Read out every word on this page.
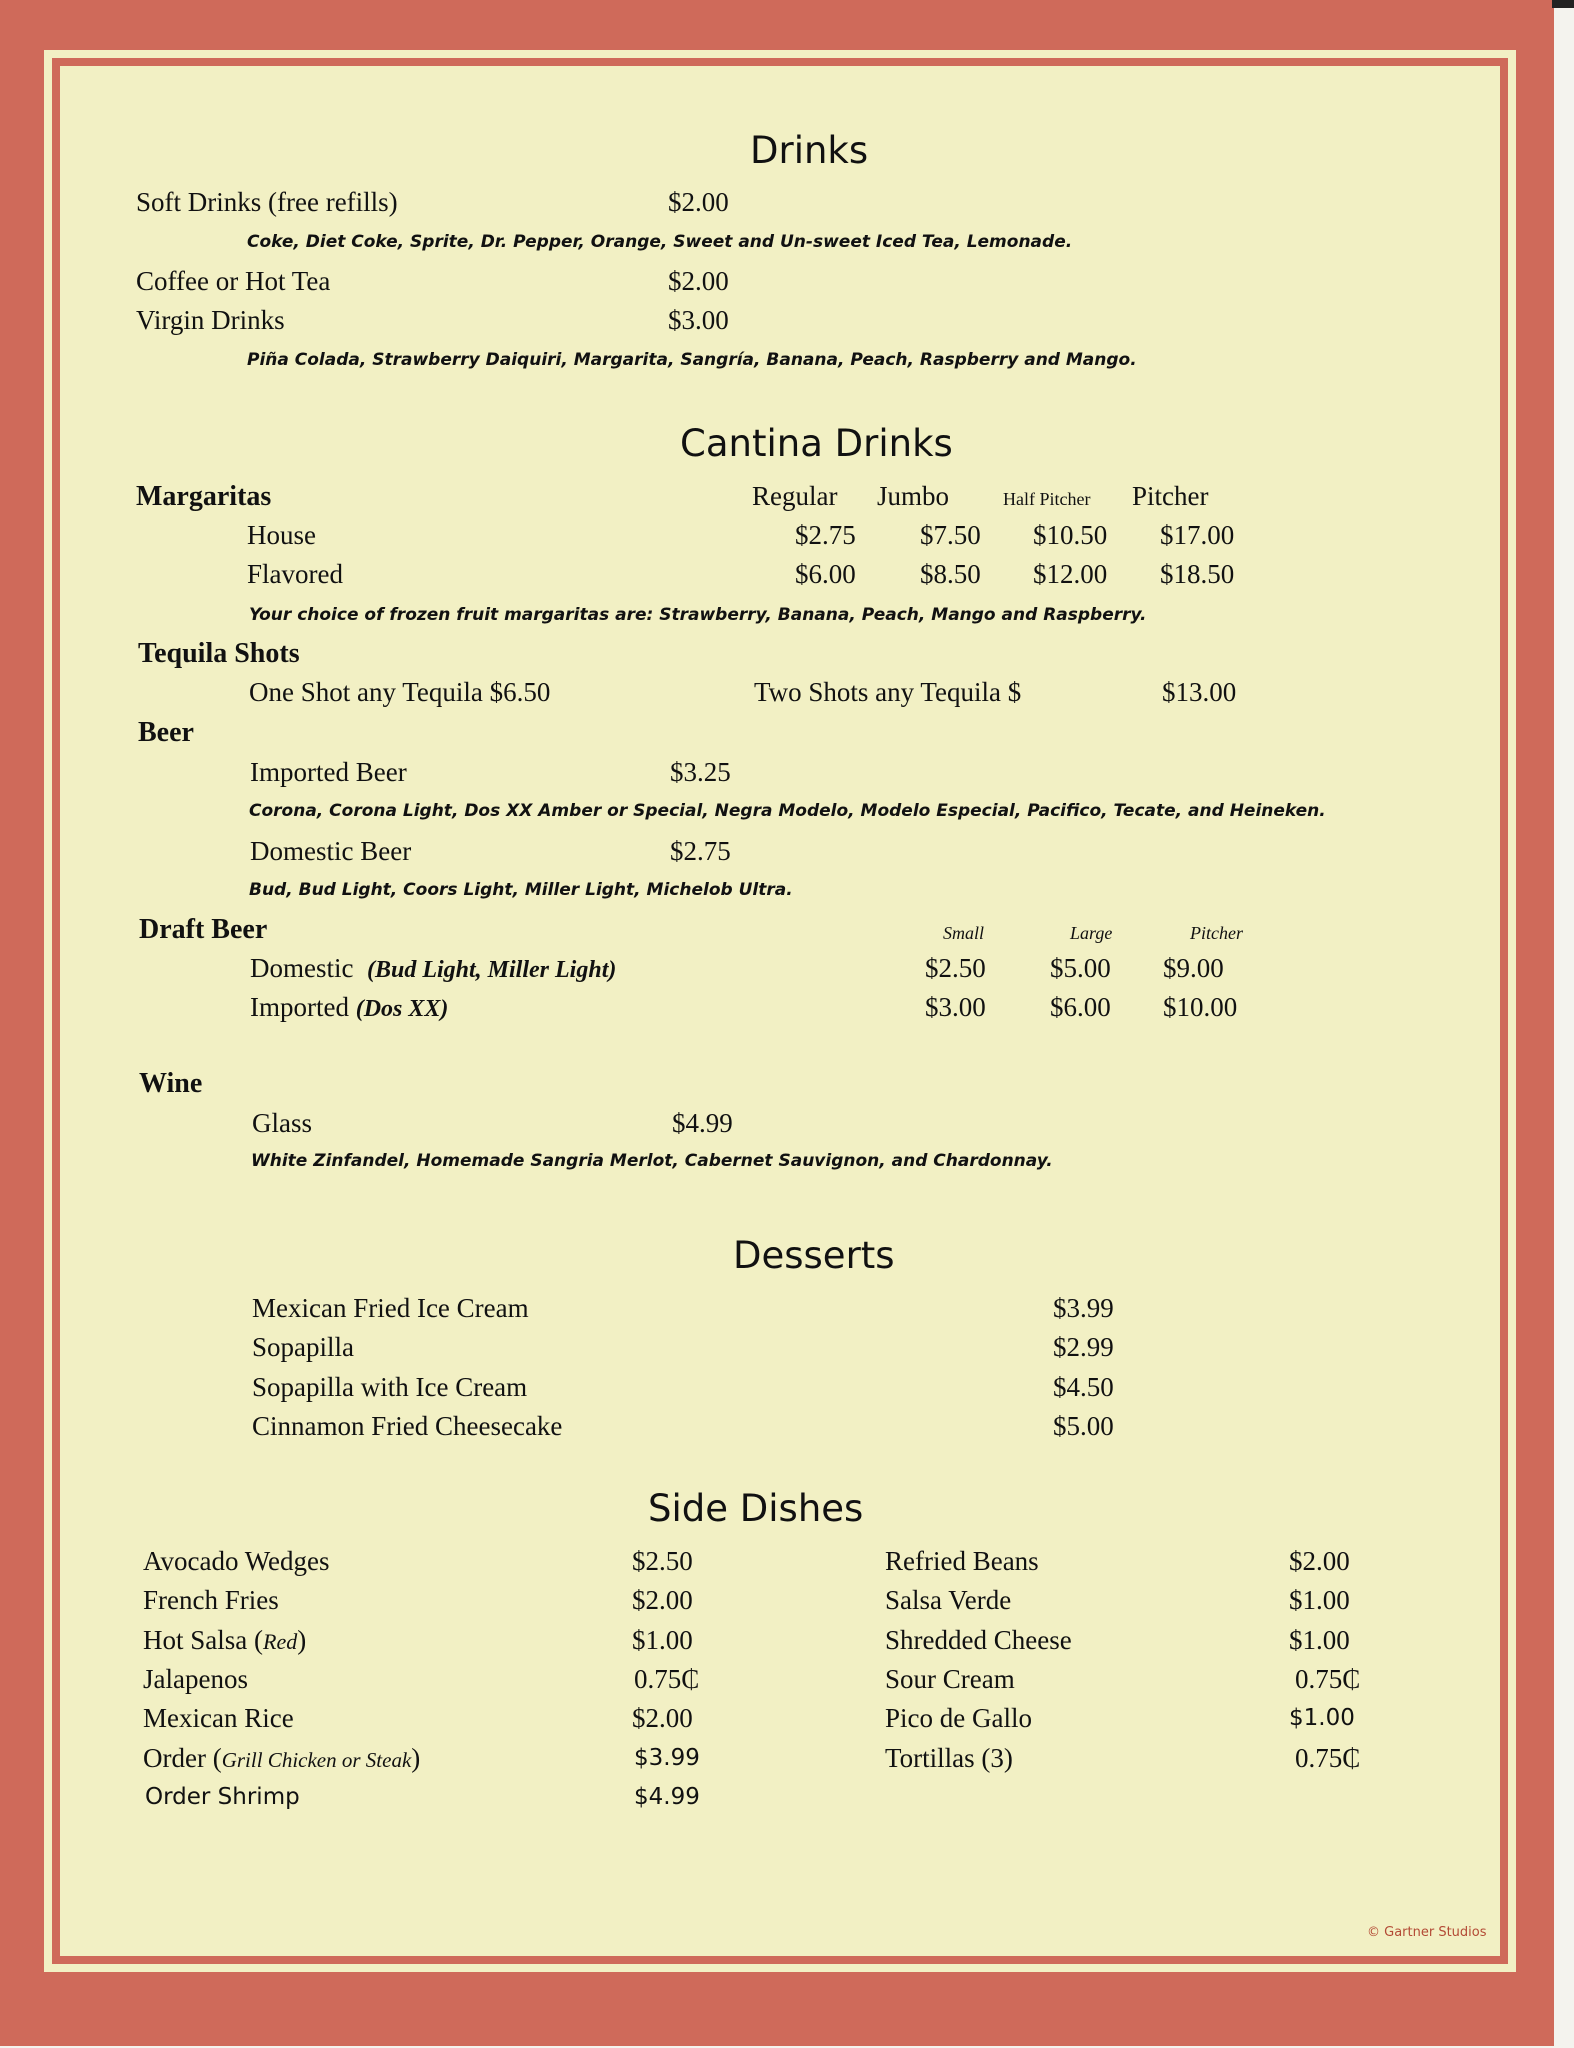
Drinks
Soft Drinks (free refills)	$2.00
Coke, Diet Coke, Sprite, Dr. Pepper, Orange, Sweet and Un-sweet Iced Tea, Lemonade.
Coffee or Hot Tea	$2.00
Virgin Drinks	$3.00
Piña Colada, Strawberry Daiquiri, Margarita, Sangría, Banana, Peach, Raspberry and Mango.
Cantina Drinks
Margaritas	Regular Jumbo	Half Pitcher Pitcher
House	$2.75 $7.50 $10.50 $17.00
Flavored	$6.00 $8.50 $12.00 $18.50
Your choice of frozen fruit margaritas are: Strawberry, Banana, Peach, Mango and Raspberry.
Tequila Shots
One Shot any Tequila $6.50	Two Shots any Tequila $	$13.00
Beer
Imported Beer	$3.25
Corona, Corona Light, Dos XX Amber or Special, Negra Modelo, Modelo Especial, Pacifico, Tecate, and Heineken.
Domestic Beer	$2.75
Bud, Bud Light, Coors Light, Miller Light, Michelob Ultra.
Draft Beer	Small	Large	Pitcher
Domestic (Bud Light, Miller Light)	$2.50 $5.00 $9.00
Imported (Dos XX)	$3.00 $6.00 $10.00
Wine
Glass	$4.99
White Zinfandel, Homemade Sangria Merlot, Cabernet Sauvignon, and Chardonnay.
Desserts
Mexican Fried Ice Cream	$3.99
Sopapilla	$2.99
Sopapilla with Ice Cream	$4.50
Cinnamon Fried Cheesecake	$5.00
Side Dishes
Avocado Wedges	$2.50
French Fries	$2.00
Hot Salsa (Red)	$1.00
Jalapenos	0.75₵
Mexican Rice	$2.00
Order (Grill Chicken or Steak)	$3.99
Order Shrimp	$4.99
Refried Beans	$2.00
Salsa Verde	$1.00
Shredded Cheese	$1.00
Sour Cream	0.75₵
Pico de Gallo	$1.00
Tortillas (3)	0.75₵
© Gartner Studios
